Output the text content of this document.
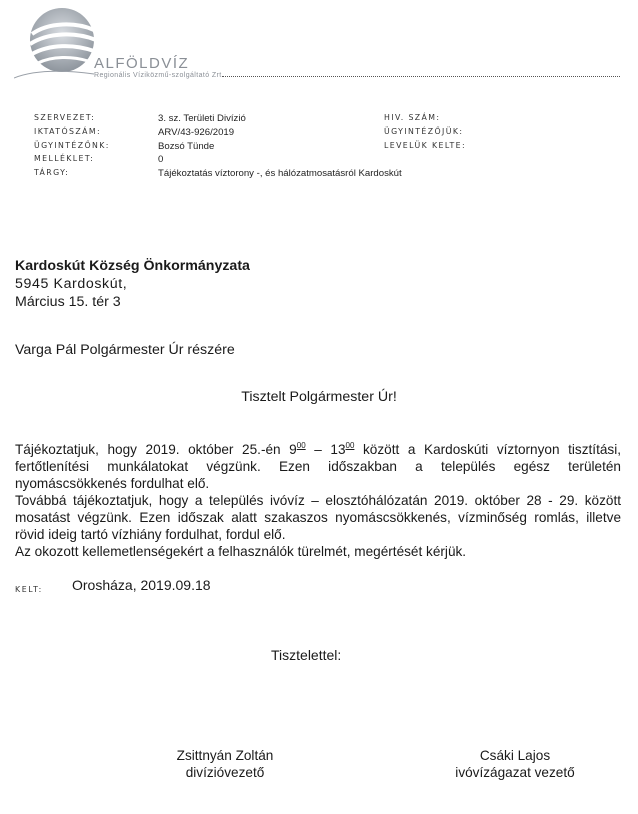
ALFÖLDVÍZ
Regionális Víziközmű-szolgáltató Zrt.
SZERVEZET:	3. sz. Területi Divízió	HIV. SZÁM:
IKTATÓSZÁM:	ARV/43-926/2019	ÜGYINTÉZŐJÜK:
ÜGYINTÉZŐNK:	Bozsó Tünde	LEVELÜK KELTE:
MELLÉKLET:	0
TÁRGY:	Tájékoztatás víztorony -, és hálózatmosatásról Kardoskút
Kardoskút Község Önkormányzata
5945 Kardoskút,
Március 15. tér 3
Varga Pál Polgármester Úr részére
Tisztelt Polgármester Úr!

Tájékoztatjuk, hogy 2019. október 25.-én $9^{00} - 13^{00}$ között a Kardoskúti víztornyon tisztítási, fertőtlenítési munkálatokat végzünk. Ezen időszakban a település egész területén nyomáscsökkenés fordulhat elő.

Továbbá tájékoztatjuk, hogy a település ivóvíz – elosztóhálózatán 2019. október 28 - 29. között mosatást végzünk. Ezen időszak alatt szakaszos nyomáscsökkenés, vízminőség romlás, illetve rövid ideig tartó vízhiány fordulhat, fordul elő.

Az okozott kellemetlenségekért a felhasználók türelmét, megértését kérjük.

KELT: Orosháza, 2019.09.18
Tisztelettel:
Zsittnyán Zoltán
divízióvezető
Csáki Lajos
ivóvízágazat vezető
